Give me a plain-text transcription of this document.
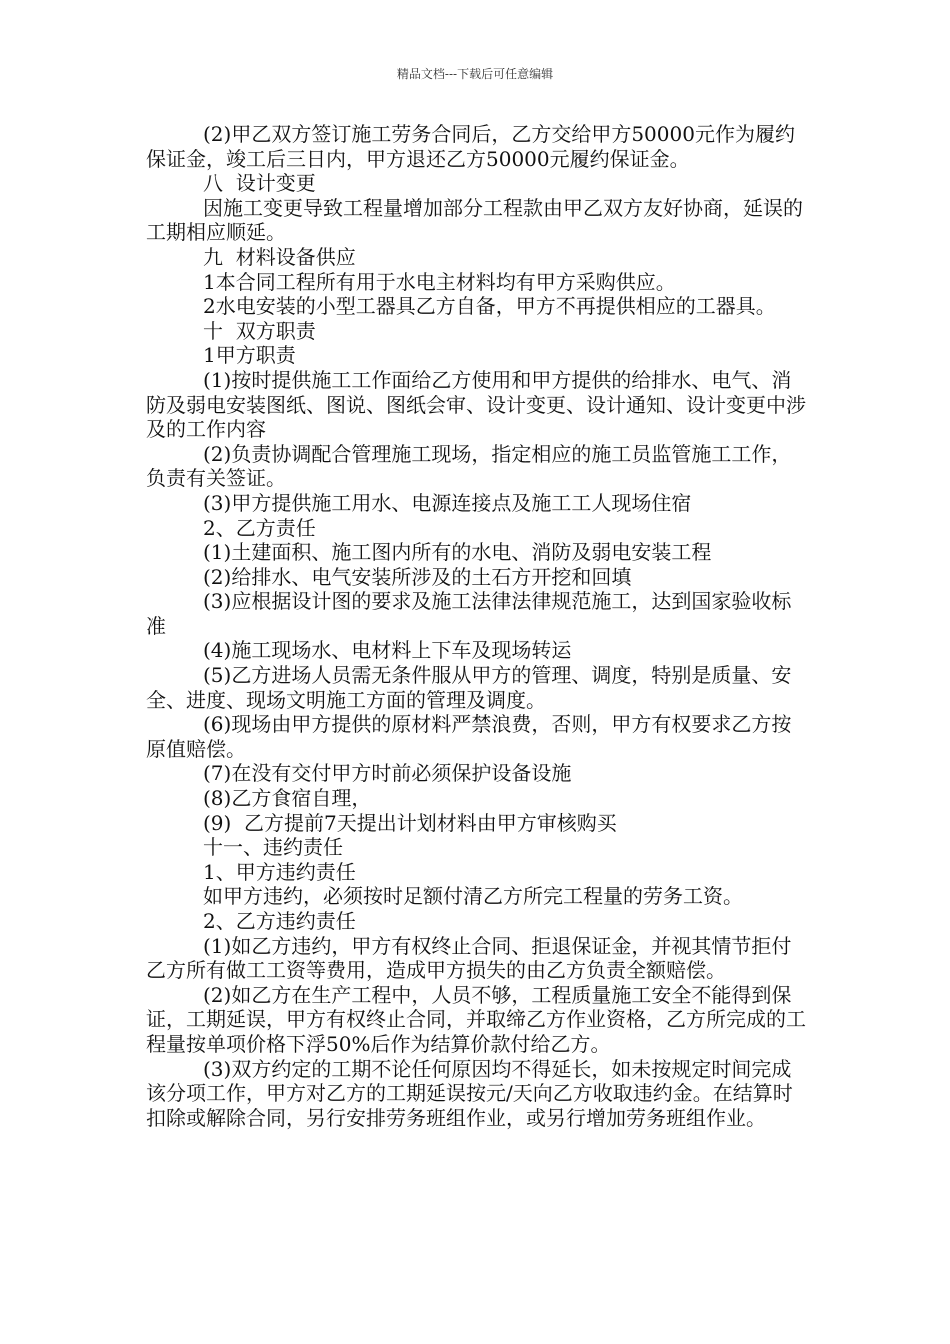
精品文档---下载后可任意编辑

(2)甲乙双方签订施工劳务合同后，乙方交给甲方50000元作为履约保证金，竣工后三日内，甲方退还乙方50000元履约保证金。

八  设计变更

因施工变更导致工程量增加部分工程款由甲乙双方友好协商，延误的工期相应顺延。

九  材料设备供应

1本合同工程所有用于水电主材料均有甲方采购供应。

2水电安装的小型工器具乙方自备，甲方不再提供相应的工器具。

十  双方职责

1甲方职责

(1)按时提供施工工作面给乙方使用和甲方提供的给排水、电气、消防及弱电安装图纸、图说、图纸会审、设计变更、设计通知、设计变更中涉及的工作内容

(2)负责协调配合管理施工现场，指定相应的施工员监管施工工作，负责有关签证。

(3)甲方提供施工用水、电源连接点及施工工人现场住宿

2、乙方责任

(1)土建面积、施工图内所有的水电、消防及弱电安装工程

(2)给排水、电气安装所涉及的土石方开挖和回填

(3)应根据设计图的要求及施工法律法律规范施工，达到国家验收标准

(4)施工现场水、电材料上下车及现场转运

(5)乙方进场人员需无条件服从甲方的管理、调度，特别是质量、安全、进度、现场文明施工方面的管理及调度。

(6)现场由甲方提供的原材料严禁浪费，否则，甲方有权要求乙方按原值赔偿。

(7)在没有交付甲方时前必须保护设备设施

(8)乙方食宿自理，

(9)  乙方提前7天提出计划材料由甲方审核购买

十一、违约责任

1、甲方违约责任

如甲方违约，必须按时足额付清乙方所完工程量的劳务工资。

2、乙方违约责任

(1)如乙方违约，甲方有权终止合同、拒退保证金，并视其情节拒付乙方所有做工工资等费用，造成甲方损失的由乙方负责全额赔偿。

(2)如乙方在生产工程中，人员不够，工程质量施工安全不能得到保证，工期延误，甲方有权终止合同，并取缔乙方作业资格，乙方所完成的工程量按单项价格下浮50%后作为结算价款付给乙方。

(3)双方约定的工期不论任何原因均不得延长，如未按规定时间完成该分项工作，甲方对乙方的工期延误按元/天向乙方收取违约金。在结算时扣除或解除合同，另行安排劳务班组作业，或另行增加劳务班组作业。
